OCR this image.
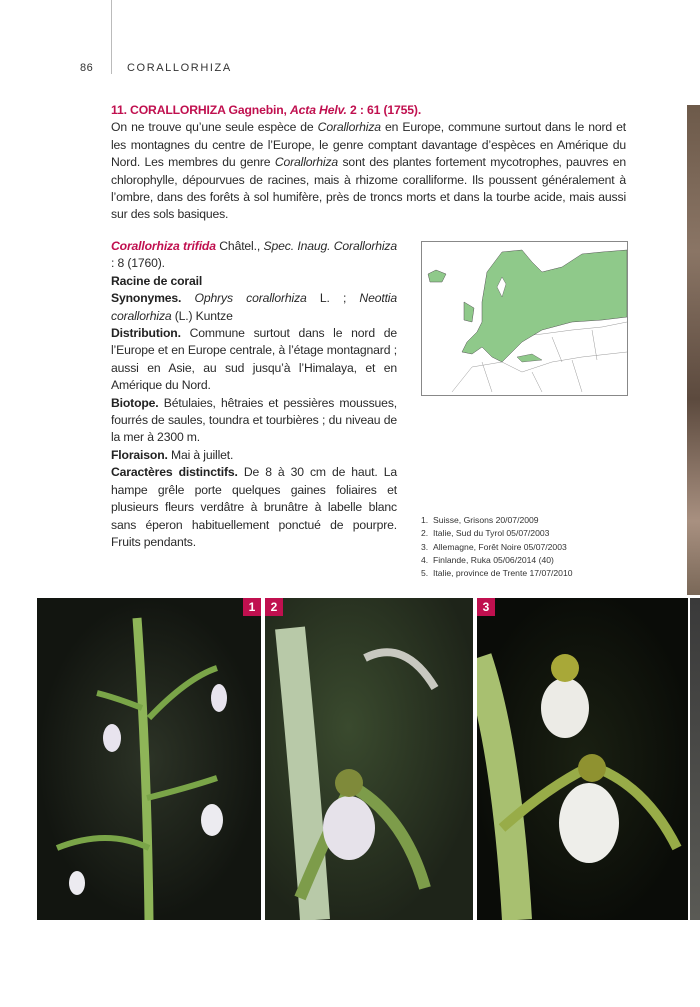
86	CORALLORHIZA

11. CORALLORHIZA Gagnebin, Acta Helv. 2 : 61 (1755).

On ne trouve qu’une seule espèce de Corallorhiza en Europe, commune surtout dans le nord et les montagnes du centre de l’Europe, le genre comptant davantage d’espèces en Amérique du Nord. Les membres du genre Corallorhiza sont des plantes fortement mycotrophes, pauvres en chlorophylle, dépourvues de racines, mais à rhizome coralliforme. Ils poussent généralement à l’ombre, dans des forêts à sol humifère, près de troncs morts et dans la tourbe acide, mais aussi sur des sols basiques.

Corallorhiza trifida Châtel., Spec. Inaug. Corallorhiza : 8 (1760).

Racine de corail

Synonymes. Ophrys corallorhiza L. ; Neottia corallorhiza (L.) Kuntze

Distribution. Commune surtout dans le nord de l’Europe et en Europe centrale, à l’étage montagnard ; aussi en Asie, au sud jusqu’à l’Himalaya, et en Amérique du Nord.

Biotope. Bétulaies, hêtraies et pessières moussues, fourrés de saules, toundra et tourbières ; du niveau de la mer à 2300 m.

Floraison. Mai à juillet.

Caractères distinctifs. De 8 à 30 cm de haut. La hampe grêle porte quelques gaines foliaires et plusieurs fleurs verdâtre à brunâtre à labelle blanc sans éperon habituellement ponctué de pourpre. Fruits pendants.

1. Suisse, Grisons 20/07/2009
2. Italie, Sud du Tyrol 05/07/2003
3. Allemagne, Forêt Noire 05/07/2003
4. Finlande, Ruka 05/06/2014 (40)
5. Italie, province de Trente 17/07/2010
1	2	3
